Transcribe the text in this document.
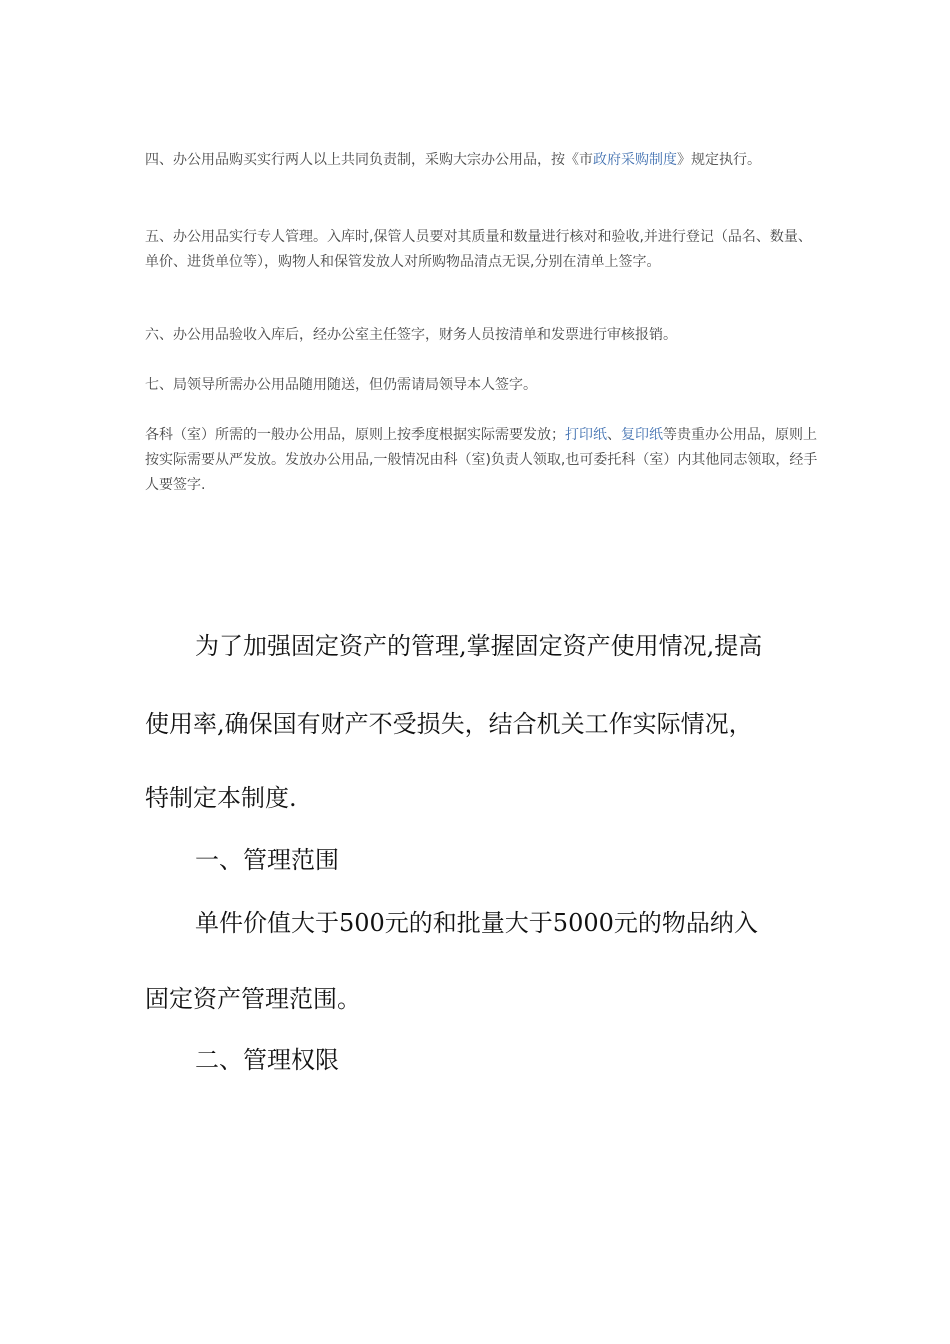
四、办公用品购买实行两人以上共同负责制，采购大宗办公用品，按《市政府采购制度》规定执行。

五、办公用品实行专人管理。入库时,保管人员要对其质量和数量进行核对和验收,并进行登记（品名、数量、单价、进货单位等），购物人和保管发放人对所购物品清点无误,分别在清单上签字。

六、办公用品验收入库后，经办公室主任签字，财务人员按清单和发票进行审核报销。

七、局领导所需办公用品随用随送，但仍需请局领导本人签字。

各科（室）所需的一般办公用品，原则上按季度根据实际需要发放；打印纸、复印纸等贵重办公用品，原则上按实际需要从严发放。发放办公用品,一般情况由科（室)负责人领取,也可委托科（室）内其他同志领取，经手人要签字.

为了加强固定资产的管理,掌握固定资产使用情况,提高

使用率,确保国有财产不受损失，结合机关工作实际情况，

特制定本制度.

一、管理范围

单件价值大于500元的和批量大于5000元的物品纳入

固定资产管理范围。

二、管理权限
